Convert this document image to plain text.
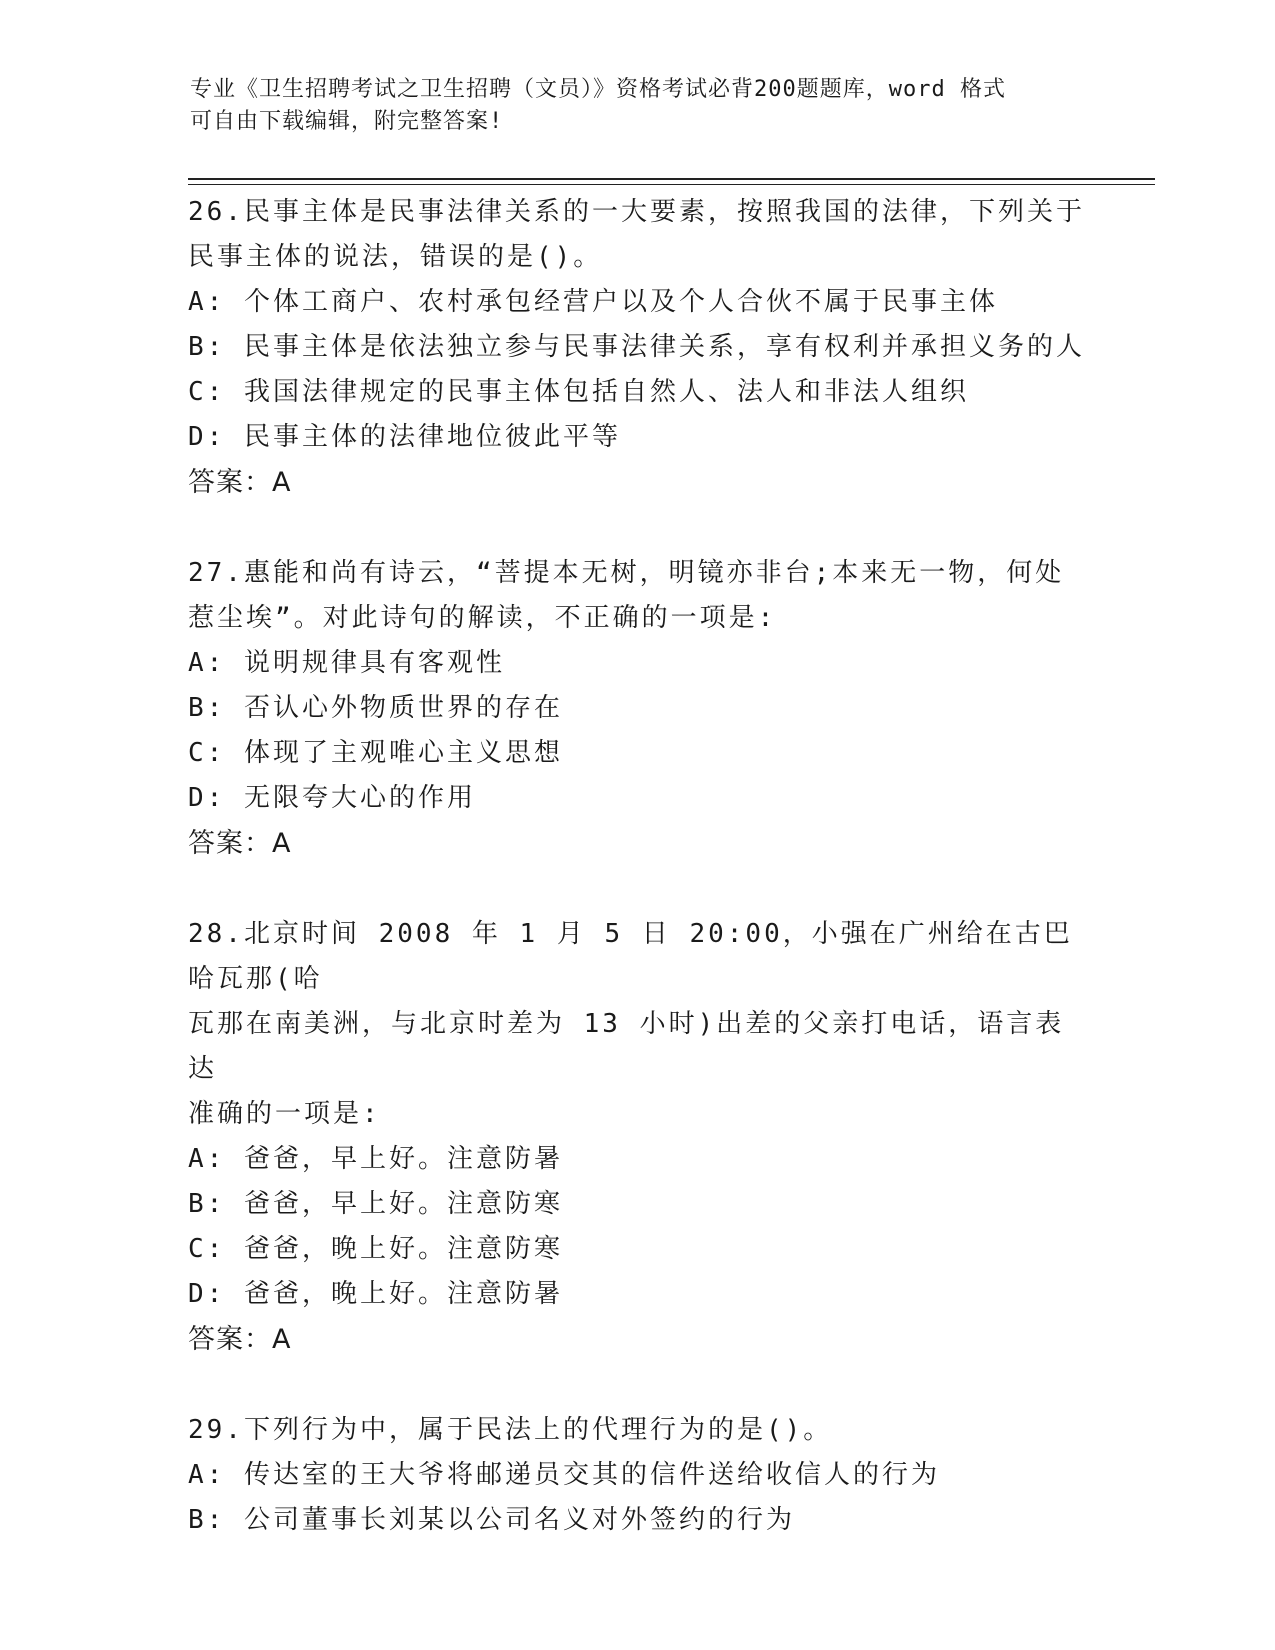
专业《卫生招聘考试之卫生招聘（文员）》资格考试必背200题题库，word 格式
可自由下载编辑，附完整答案!

26.民事主体是民事法律关系的一大要素，按照我国的法律，下列关于

民事主体的说法，错误的是()。

A: 个体工商户、农村承包经营户以及个人合伙不属于民事主体

B: 民事主体是依法独立参与民事法律关系，享有权利并承担义务的人

C: 我国法律规定的民事主体包括自然人、法人和非法人组织

D: 民事主体的法律地位彼此平等

答案：A

27.惠能和尚有诗云，“菩提本无树，明镜亦非台;本来无一物，何处

惹尘埃”。对此诗句的解读，不正确的一项是:

A: 说明规律具有客观性

B: 否认心外物质世界的存在

C: 体现了主观唯心主义思想

D: 无限夸大心的作用

答案：A

28.北京时间 2008 年 1 月 5 日 20:00，小强在广州给在古巴哈瓦那(哈

瓦那在南美洲，与北京时差为 13 小时)出差的父亲打电话，语言表达

准确的一项是:

A: 爸爸，早上好。注意防暑

B: 爸爸，早上好。注意防寒

C: 爸爸，晚上好。注意防寒

D: 爸爸，晚上好。注意防暑

答案：A

29.下列行为中，属于民法上的代理行为的是()。

A: 传达室的王大爷将邮递员交其的信件送给收信人的行为

B: 公司董事长刘某以公司名义对外签约的行为
